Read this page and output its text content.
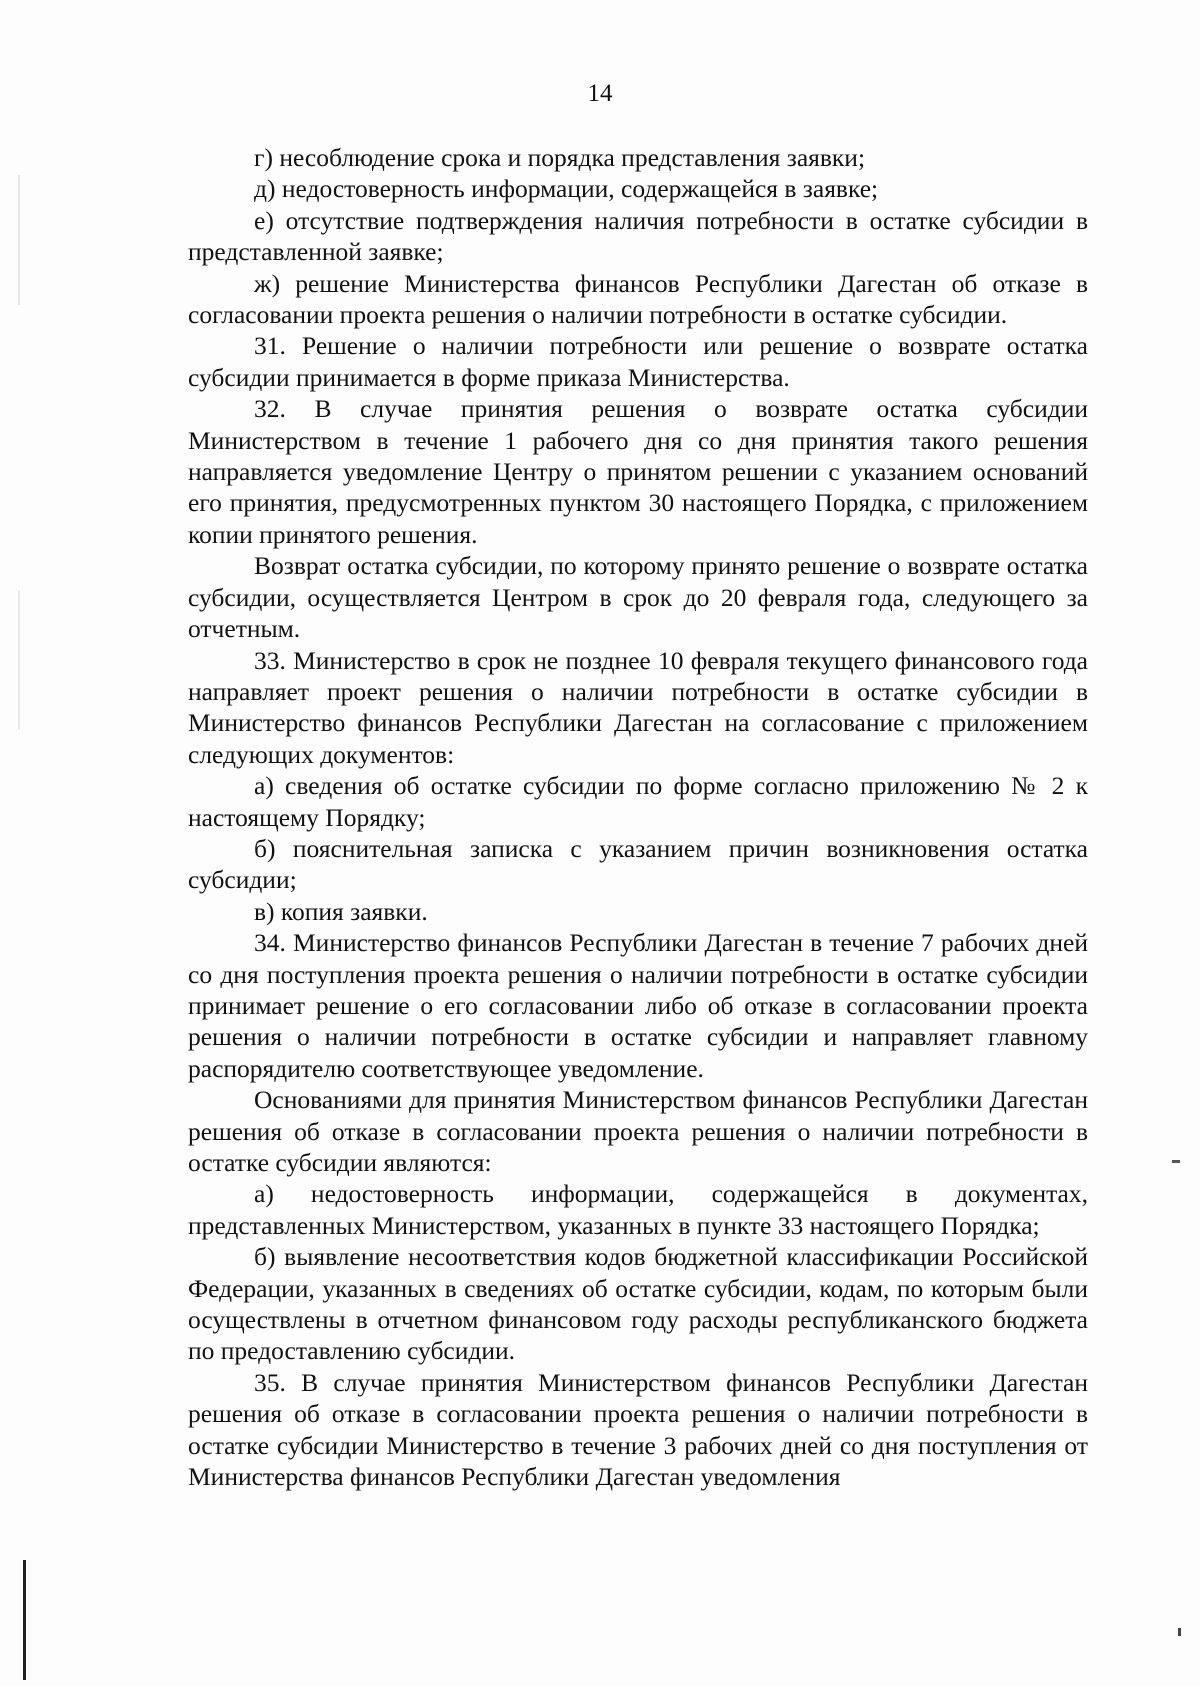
14

г) несоблюдение срока и порядка представления заявки;

д) недостоверность информации, содержащейся в заявке;

е) отсутствие подтверждения наличия потребности в остатке субсидии в представленной заявке;

ж) решение Министерства финансов Республики Дагестан об отказе в согласовании проекта решения о наличии потребности в остатке субсидии.

31. Решение о наличии потребности или решение о возврате остатка субсидии принимается в форме приказа Министерства.

32. В случае принятия решения о возврате остатка субсидии Министерством в течение 1 рабочего дня со дня принятия такого решения направляется уведомление Центру о принятом решении с указанием оснований его принятия, предусмотренных пунктом 30 настоящего Порядка, с приложением копии принятого решения.

Возврат остатка субсидии, по которому принято решение о возврате остатка субсидии, осуществляется Центром в срок до 20 февраля года, следующего за отчетным.

33. Министерство в срок не позднее 10 февраля текущего финансового года направляет проект решения о наличии потребности в остатке субсидии в Министерство финансов Республики Дагестан на согласование с приложением следующих документов:

а) сведения об остатке субсидии по форме согласно приложению № 2 к настоящему Порядку;

б) пояснительная записка с указанием причин возникновения остатка субсидии;

в) копия заявки.

34. Министерство финансов Республики Дагестан в течение 7 рабочих дней со дня поступления проекта решения о наличии потребности в остатке субсидии принимает решение о его согласовании либо об отказе в согласовании проекта решения о наличии потребности в остатке субсидии и направляет главному распорядителю соответствующее уведомление.

Основаниями для принятия Министерством финансов Республики Дагестан решения об отказе в согласовании проекта решения о наличии потребности в остатке субсидии являются:

а) недостоверность информации, содержащейся в документах, представленных Министерством, указанных в пункте 33 настоящего Порядка;

б) выявление несоответствия кодов бюджетной классификации Российской Федерации, указанных в сведениях об остатке субсидии, кодам, по которым были осуществлены в отчетном финансовом году расходы республиканского бюджета по предоставлению субсидии.

35. В случае принятия Министерством финансов Республики Дагестан решения об отказе в согласовании проекта решения о наличии потребности в остатке субсидии Министерство в течение 3 рабочих дней со дня поступления от Министерства финансов Республики Дагестан уведомления
